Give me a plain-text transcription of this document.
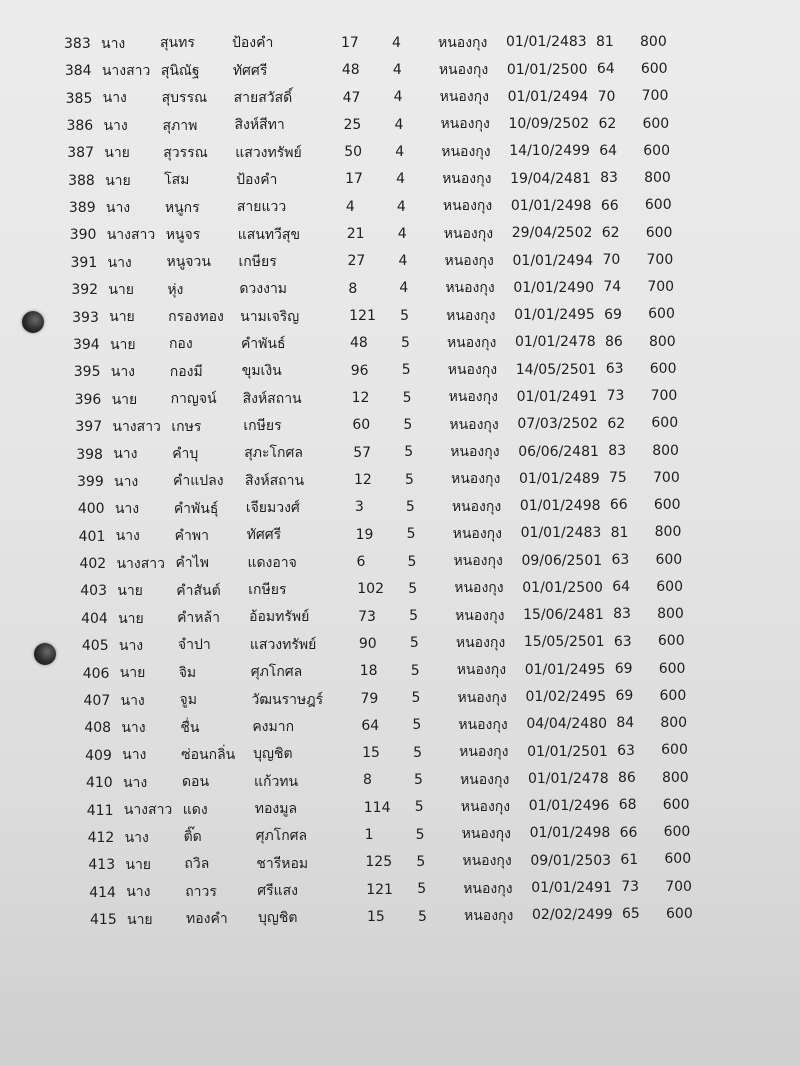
383 นาง สุนทร	ป้องคำ	17 4	หนองกุง 01/01/2483 81 800
384 นางสาว สุนิณัฐ ทัศศรี	48 4	หนองกุง 01/01/2500 64 600
385 นาง สุบรรณ สายสวัสดิ์	47 4	หนองกุง 01/01/2494 70 700
386 นาง สุภาพ	สิงห์สีทา	25 4	หนองกุง 10/09/2502 62 600
387 นาย สุวรรณ แสวงทรัพย์	50 4	หนองกุง 14/10/2499 64 600
388 นาย โสม	ป้องคำ	17 4	หนองกุง 19/04/2481 83 800
389 นาง หนูกร	สายแวว	4	4	หนองกุง 01/01/2498 66 600
390 นางสาว หนูจร	แสนทวีสุข	21 4	หนองกุง 29/04/2502 62 600
391 นาง หนูจวน เกษียร	27 4	หนองกุง 01/01/2494 70 700
392 นาย หุ่ง	ดวงงาม	8	4	หนองกุง 01/01/2490 74 700
393 นาย กรองทอง นามเจริญ	121 5	หนองกุง 01/01/2495 69 600
394 นาย กอง	คำพันธ์	48 5	หนองกุง 01/01/2478 86 800
395 นาง กองมี	ขุมเงิน	96 5	หนองกุง 14/05/2501 63 600
396 นาย กาญจน์ สิงห์สถาน	12 5	หนองกุง 01/01/2491 73 700
397 นางสาว เกษร	เกษียร	60 5	หนองกุง 07/03/2502 62 600
398 นาง คำบุ	สุภะโกศล	57 5	หนองกุง 06/06/2481 83 800
399 นาง คำแปลง สิงห์สถาน	12 5	หนองกุง 01/01/2489 75 700
400 นาง คำพันธุ์ เจียมวงศ์	3	5	หนองกุง 01/01/2498 66 600
401 นาง คำพา	ทัศศรี	19 5	หนองกุง 01/01/2483 81 800
402 นางสาว คำไพ	แดงอาจ	6	5	หนองกุง 09/06/2501 63 600
403 นาย คำสันต์ เกษียร	102 5	หนองกุง 01/01/2500 64 600
404 นาย คำหล้า อ้อมทรัพย์	73 5	หนองกุง 15/06/2481 83 800
405 นาง จำปา	แสวงทรัพย์	90 5	หนองกุง 15/05/2501 63 600
406 นาย จิม	ศุภโกศล	18 5	หนองกุง 01/01/2495 69 600
407 นาง จูม	วัฒนราษฎร์	79 5	หนองกุง 01/02/2495 69 600
408 นาง ชื่น	คงมาก	64 5	หนองกุง 04/04/2480 84 800
409 นาง ซ่อนกลิ่น บุญชิต	15 5	หนองกุง 01/01/2501 63 600
410 นาง ดอน	แก้วทน	8	5	หนองกุง 01/01/2478 86 800
411 นางสาว แดง	ทองมูล	114 5	หนองกุง 01/01/2496 68 600
412 นาง ติ๊ด	ศุภโกศล	1	5	หนองกุง 01/01/2498 66 600
413 นาย ถวิล	ชารีหอม	125 5	หนองกุง 09/01/2503 61 600
414 นาง ถาวร	ศรีแสง	121 5	หนองกุง 01/01/2491 73 700
415 นาย ทองคำ บุญชิต	15 5	หนองกุง 02/02/2499 65 600
